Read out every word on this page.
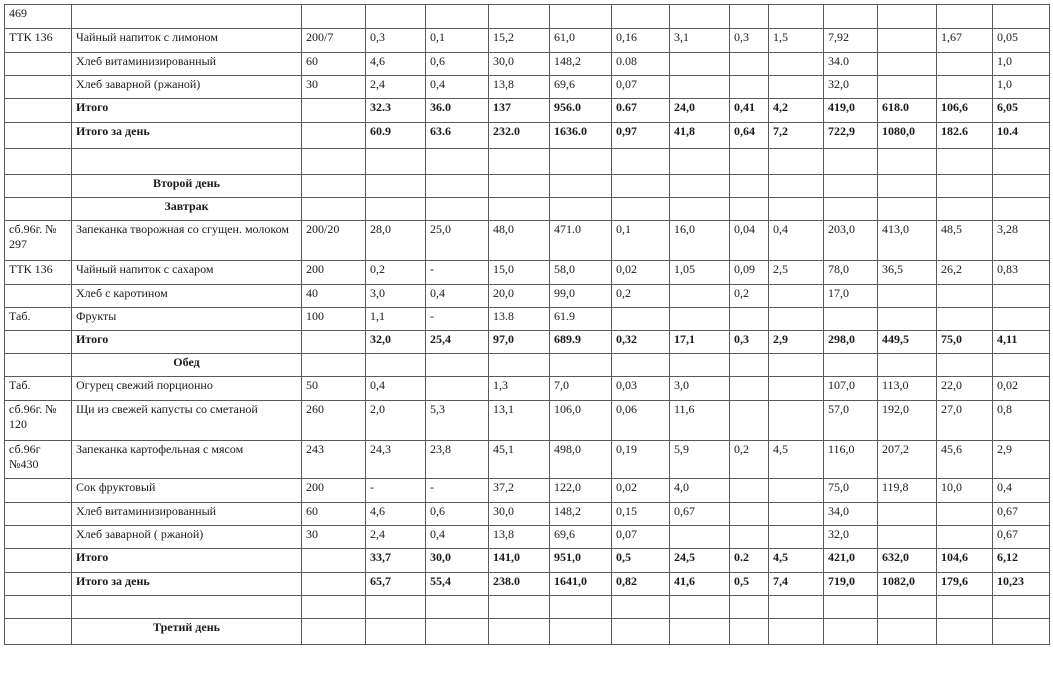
469														
ТТК 136	Чайный напиток с лимоном	200/7	0,3	0,1	15,2	61,0	0,16	3,1	0,3	1,5	7,92		1,67	0,05
	Хлеб витаминизированный	60	4,6	0,6	30,0	148,2	0.08				34.0			1,0
	Хлеб заварной (ржаной)	30	2,4	0,4	13,8	69,6	0,07				32,0			1,0
	Итого		32.3	36.0	137	956.0	0.67	24,0	0,41	4,2	419,0	618.0	106,6	6,05
	Итого за день		60.9	63.6	232.0	1636.0	0,97	41,8	0,64	7,2	722,9	1080,0	182.6	10.4

	Второй день													
	Завтрак													
сб.96г. № 297	Запеканка творожная со сгущен. молоком	200/20	28,0	25,0	48,0	471.0	0,1	16,0	0,04	0,4	203,0	413,0	48,5	3,28
ТТК 136	Чайный напиток с сахаром	200	0,2	-	15,0	58,0	0,02	1,05	0,09	2,5	78,0	36,5	26,2	0,83
	Хлеб с каротином	40	3,0	0,4	20,0	99,0	0,2		0,2		17,0			
Таб.	Фрукты	100	1,1	-	13.8	61.9								
	Итого		32,0	25,4	97,0	689.9	0,32	17,1	0,3	2,9	298,0	449,5	75,0	4,11
	Обед													
Таб.	Огурец свежий порционно	50	0,4		1,3	7,0	0,03	3,0			107,0	113,0	22,0	0,02
сб.96г. № 120	Щи из свежей капусты со сметаной	260	2,0	5,3	13,1	106,0	0,06	11,6			57,0	192,0	27,0	0,8
сб.96г №430	Запеканка картофельная с мясом	243	24,3	23,8	45,1	498,0	0,19	5,9	0,2	4,5	116,0	207,2	45,6	2,9
	Сок фруктовый	200	-	-	37,2	122,0	0,02	4,0			75,0	119,8	10,0	0,4
	Хлеб витаминизированный	60	4,6	0,6	30,0	148,2	0,15	0,67			34,0			0,67
	Хлеб заварной ( ржаной)	30	2,4	0,4	13,8	69,6	0,07				32,0			0,67
	Итого		33,7	30,0	141,0	951,0	0,5	24,5	0.2	4,5	421,0	632,0	104,6	6,12
	Итого за день		65,7	55,4	238.0	1641,0	0,82	41,6	0,5	7,4	719,0	1082,0	179,6	10,23

	Третий день													
